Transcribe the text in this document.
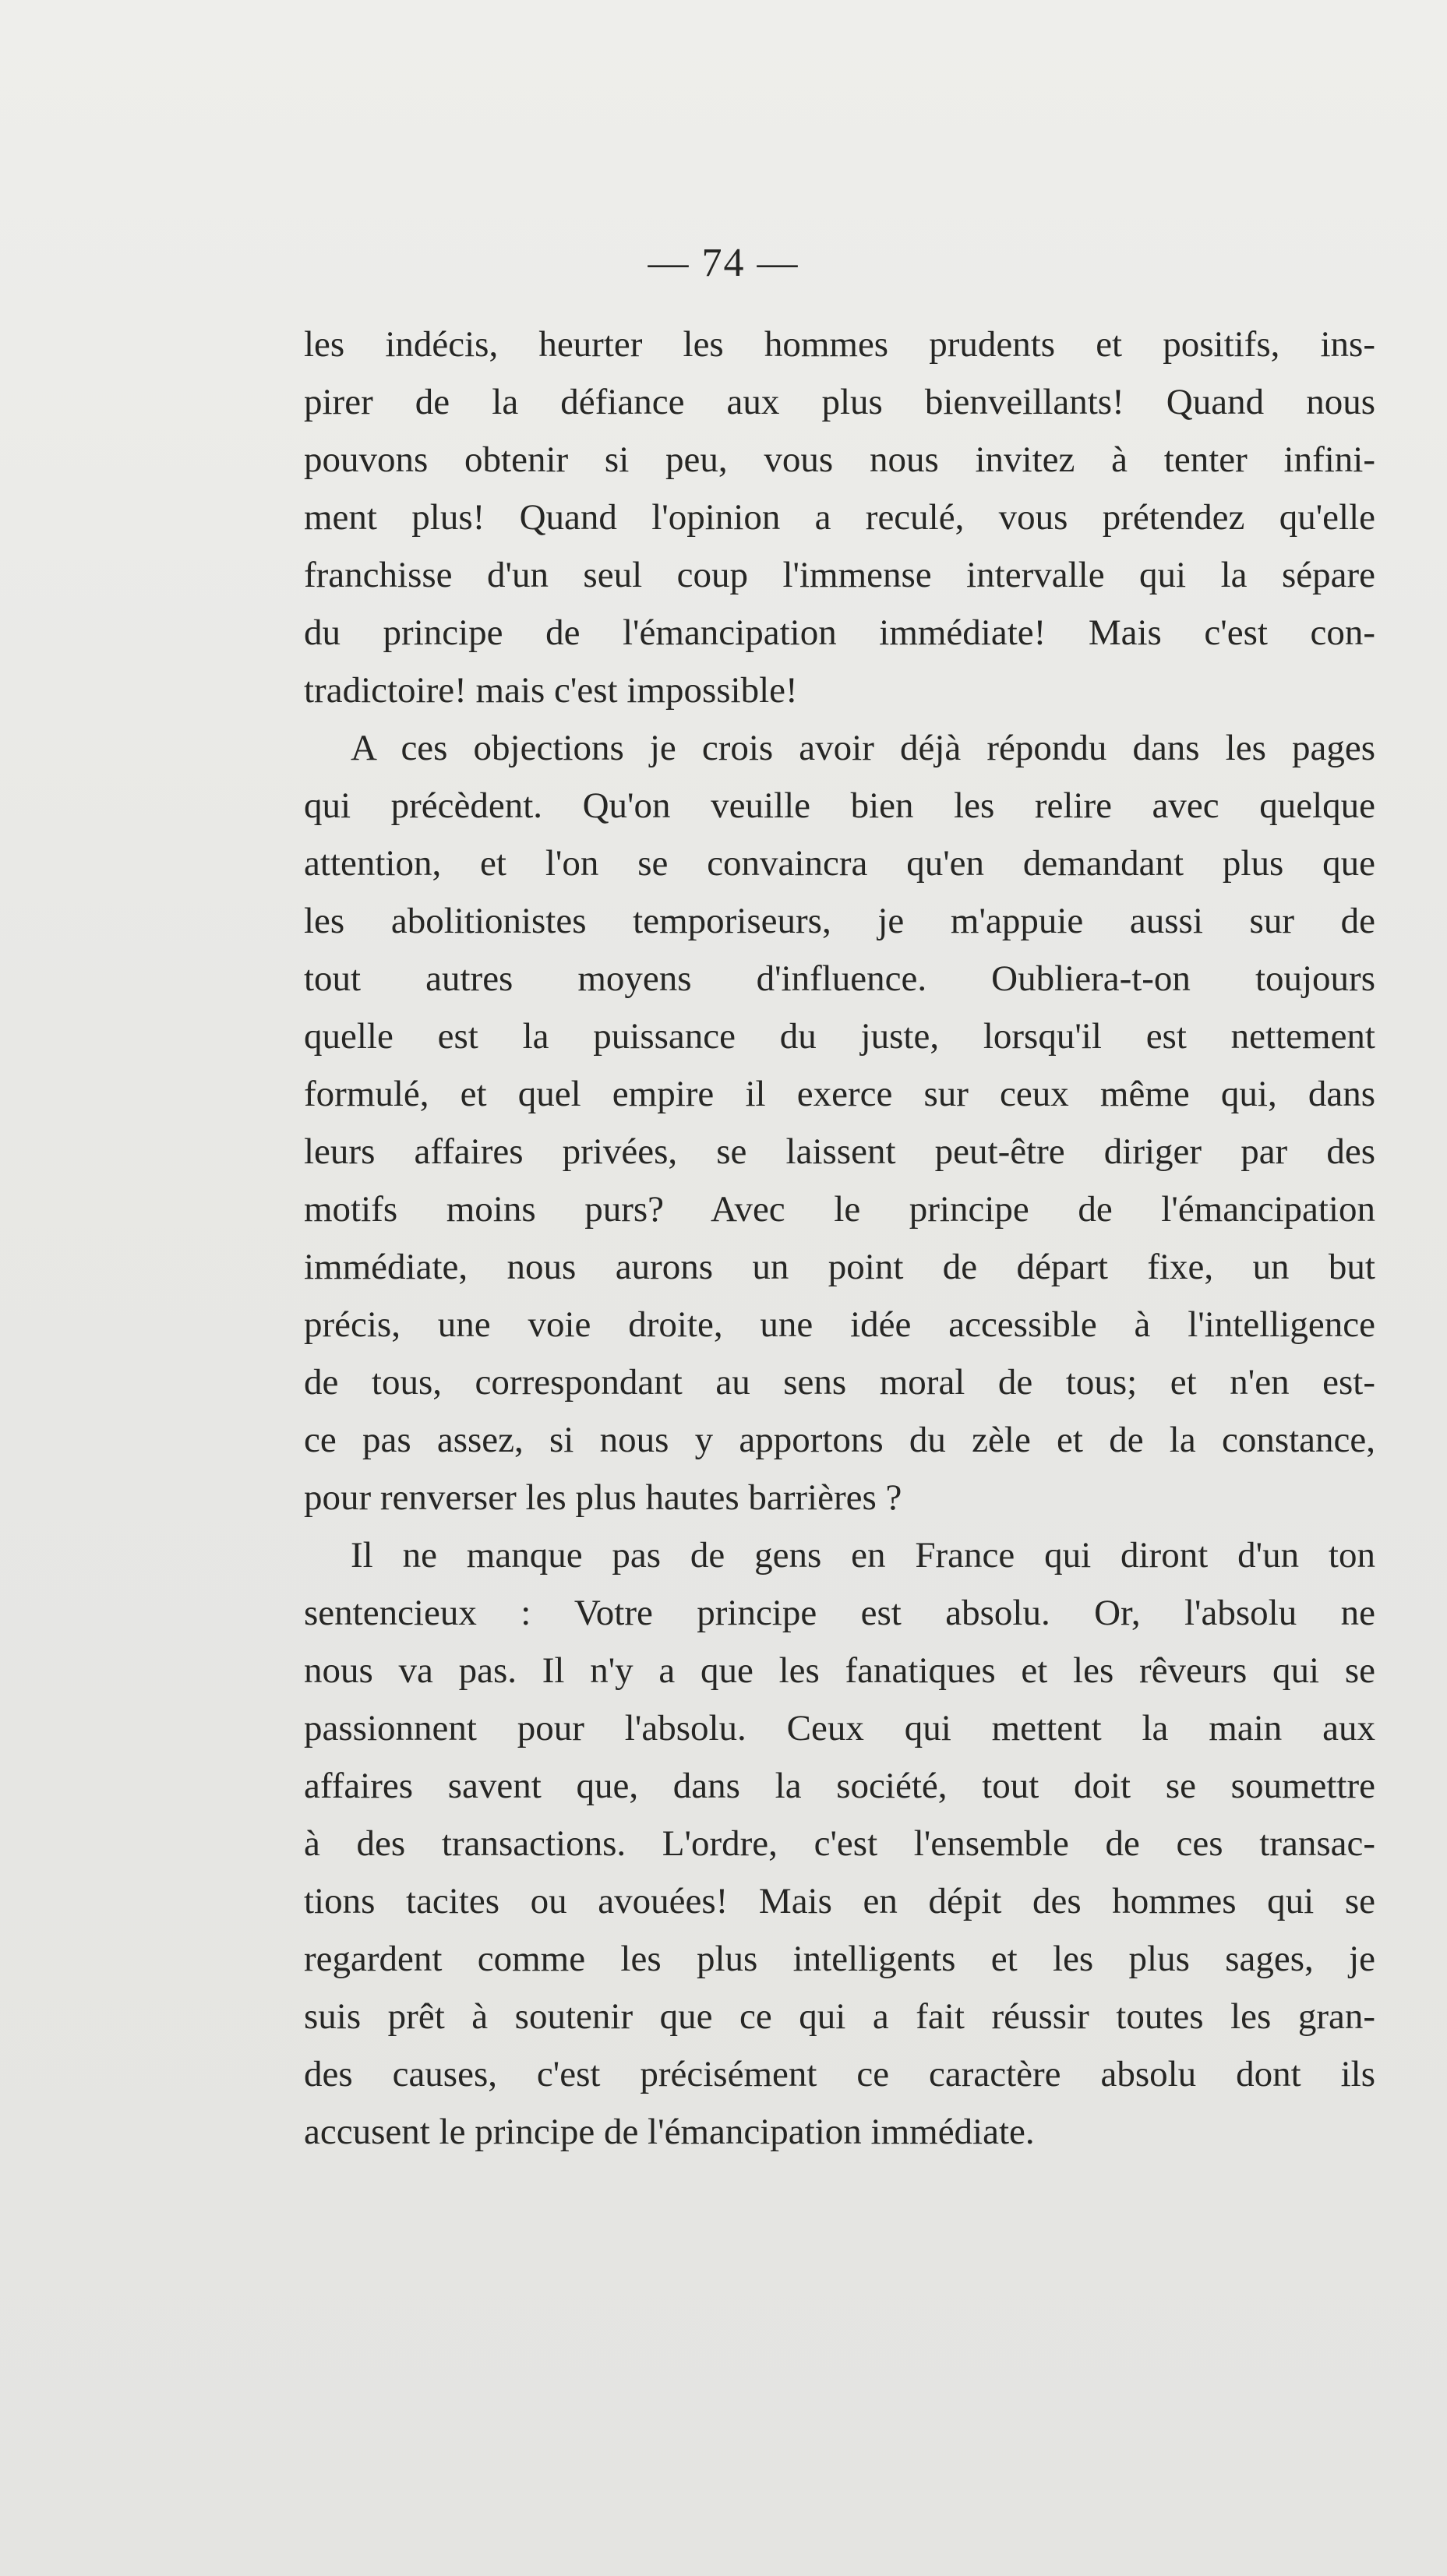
— 74 —

les indécis, heurter les hommes prudents et positifs, ins-
pirer de la défiance aux plus bienveillants! Quand nous
pouvons obtenir si peu, vous nous invitez à tenter infini-
ment plus! Quand l'opinion a reculé, vous prétendez qu'elle
franchisse d'un seul coup l'immense intervalle qui la sépare
du principe de l'émancipation immédiate! Mais c'est con-
tradictoire! mais c'est impossible!
A ces objections je crois avoir déjà répondu dans les pages
qui précèdent. Qu'on veuille bien les relire avec quelque
attention, et l'on se convaincra qu'en demandant plus que
les abolitionistes temporiseurs, je m'appuie aussi sur de
tout autres moyens d'influence. Oubliera-t-on toujours
quelle est la puissance du juste, lorsqu'il est nettement
formulé, et quel empire il exerce sur ceux même qui, dans
leurs affaires privées, se laissent peut-être diriger par des
motifs moins purs? Avec le principe de l'émancipation
immédiate, nous aurons un point de départ fixe, un but
précis, une voie droite, une idée accessible à l'intelligence
de tous, correspondant au sens moral de tous; et n'en est-
ce pas assez, si nous y apportons du zèle et de la constance,
pour renverser les plus hautes barrières ?
Il ne manque pas de gens en France qui diront d'un ton
sentencieux : Votre principe est absolu. Or, l'absolu ne
nous va pas. Il n'y a que les fanatiques et les rêveurs qui se
passionnent pour l'absolu. Ceux qui mettent la main aux
affaires savent que, dans la société, tout doit se soumettre
à des transactions. L'ordre, c'est l'ensemble de ces transac-
tions tacites ou avouées! Mais en dépit des hommes qui se
regardent comme les plus intelligents et les plus sages, je
suis prêt à soutenir que ce qui a fait réussir toutes les gran-
des causes, c'est précisément ce caractère absolu dont ils
accusent le principe de l'émancipation immédiate.
